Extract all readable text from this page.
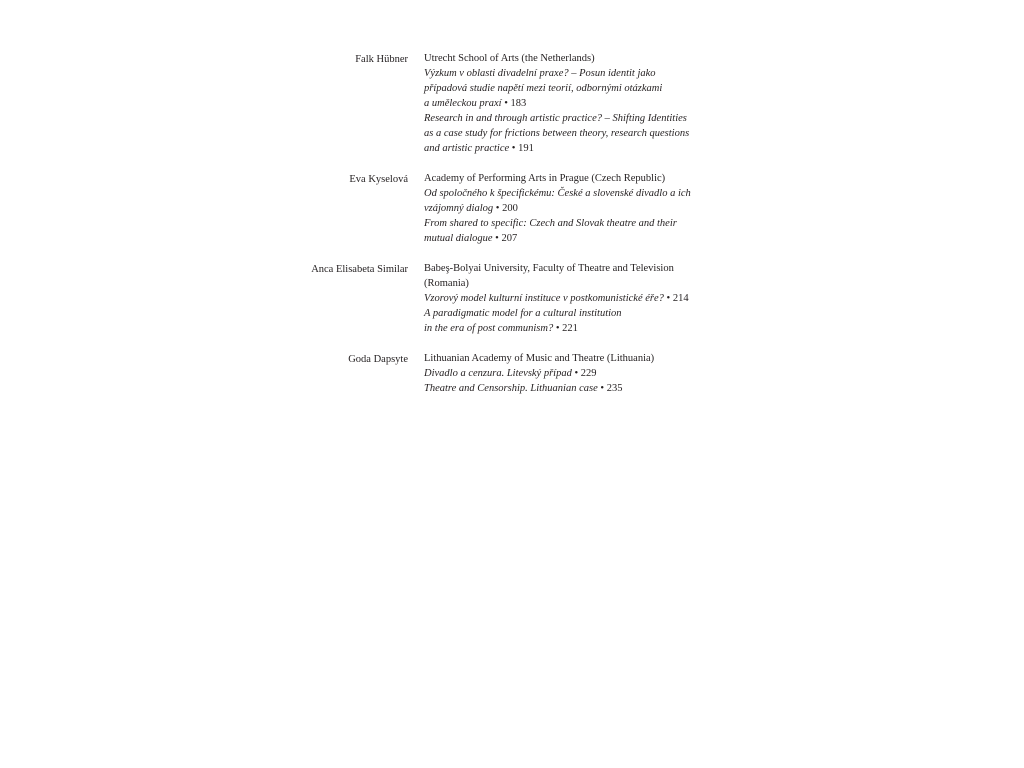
Falk Hübner Utrecht School of Arts (the Netherlands)
Výzkum v oblasti divadelní praxe? – Posun identit jako
případová studie napětí mezi teorií, odbornými otázkami
a uměleckou praxí • 183
Research in and through artistic practice? – Shifting Identities
as a case study for frictions between theory, research questions
and artistic practice • 191
Eva Kyselová Academy of Performing Arts in Prague (Czech Republic)
Od spoločného k špecifickému: České a slovenské divadlo a ich
vzájomný dialog • 200
From shared to specific: Czech and Slovak theatre and their
mutual dialogue • 207
Anca Elisabeta Similar Babeş-Bolyai University, Faculty of Theatre and Television
(Romania)
Vzorový model kulturní instituce v postkomunistické éře? • 214
A paradigmatic model for a cultural institution
in the era of post communism? • 221
Goda Dapsyte Lithuanian Academy of Music and Theatre (Lithuania)
Divadlo a cenzura. Litevský případ • 229
Theatre and Censorship. Lithuanian case • 235
